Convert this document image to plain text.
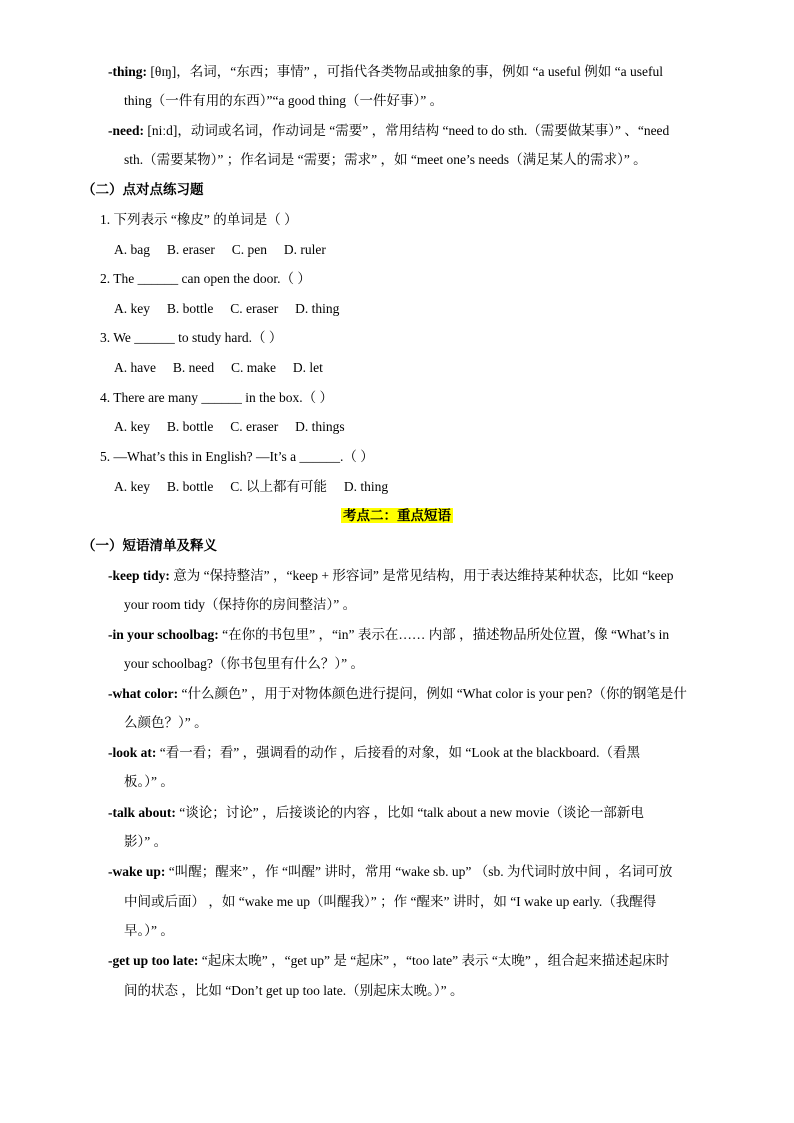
-thing: [θɪŋ]，名词，“东西；事情” ，可指代各类物品或抽象的事，例如 “a useful 例如 “a useful
thing（一件有用的东西）”“a good thing（一件好事）” 。
-need: [niːd]，动词或名词，作动词是 “需要” ，常用结构 “need to do sth.（需要做某事）” 、“need
sth.（需要某物）” ；作名词是 “需要；需求” ，如 “meet one’s needs（满足某人的需求）” 。
（二）点对点练习题
1. 下列表示 “橡皮” 的单词是（ ）
A. bag     B. eraser     C. pen     D. ruler
2. The ______ can open the door.（ ）
A. key     B. bottle     C. eraser     D. thing
3. We ______ to study hard.（ ）
A. have     B. need     C. make     D. let
4. There are many ______ in the box.（ ）
A. key     B. bottle     C. eraser     D. things
5. —What’s this in English? —It’s a ______.（ ）
A. key     B. bottle     C. 以上都有可能     D. thing
考点二：重点短语
（一）短语清单及释义
-keep tidy: 意为 “保持整洁” ，“keep + 形容词” 是常见结构，用于表达维持某种状态，比如 “keep
your room tidy（保持你的房间整洁）” 。
-in your schoolbag: “在你的书包里” ，“in” 表示在…… 内部 ，描述物品所处位置，像 “What’s in
your schoolbag?（你书包里有什么？）” 。
-what color: “什么颜色” ，用于对物体颜色进行提问，例如 “What color is your pen?（你的钢笔是什
么颜色？）” 。
-look at: “看一看；看” ，强调看的动作 ，后接看的对象，如 “Look at the blackboard.（看黑
板。）” 。
-talk about: “谈论；讨论” ，后接谈论的内容 ，比如 “talk about a new movie（谈论一部新电
影）” 。
-wake up: “叫醒；醒来” ，作 “叫醒” 讲时，常用 “wake sb. up” （sb. 为代词时放中间 ，名词可放
中间或后面） ，如 “wake me up（叫醒我）” ；作 “醒来” 讲时，如 “I wake up early.（我醒得
早。）” 。
-get up too late: “起床太晚” ，“get up” 是 “起床” ，“too late” 表示 “太晚” ，组合起来描述起床时
间的状态 ，比如 “Don’t get up too late.（别起床太晚。）” 。
